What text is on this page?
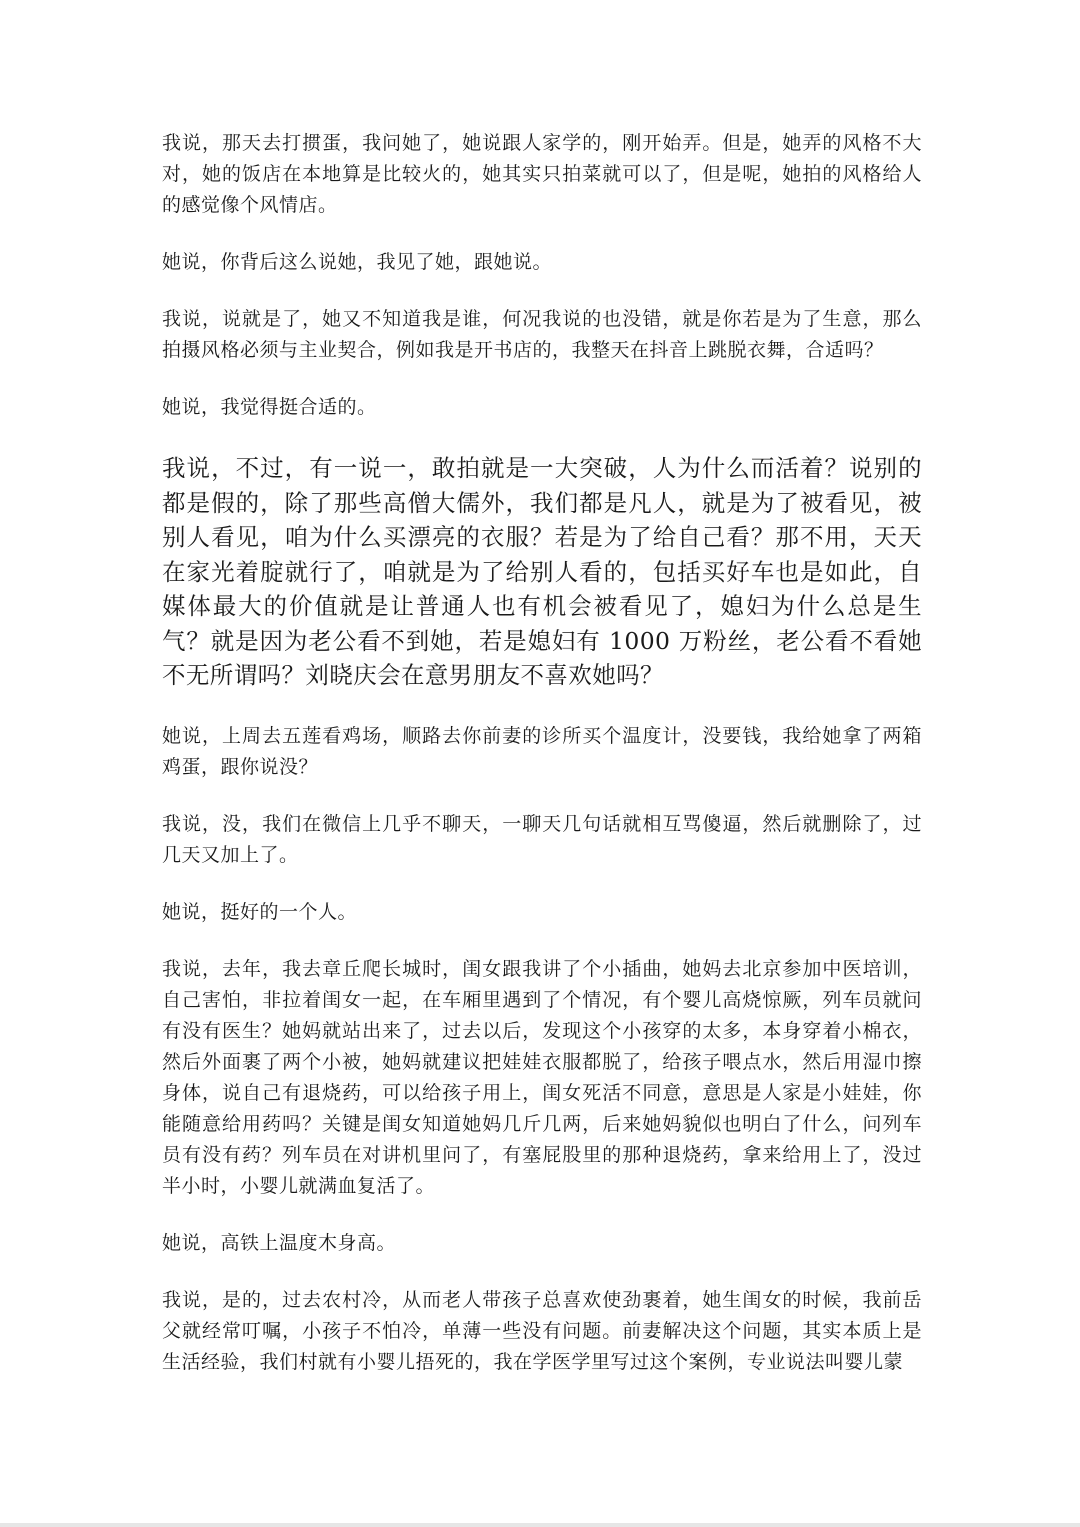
我说，那天去打掼蛋，我问她了，她说跟人家学的，刚开始弄。但是，她弄的风格不大对，她的饭店在本地算是比较火的，她其实只拍菜就可以了，但是呢，她拍的风格给人的感觉像个风情店。

她说，你背后这么说她，我见了她，跟她说。

我说，说就是了，她又不知道我是谁，何况我说的也没错，就是你若是为了生意，那么拍摄风格必须与主业契合，例如我是开书店的，我整天在抖音上跳脱衣舞，合适吗？

她说，我觉得挺合适的。

我说，不过，有一说一，敢拍就是一大突破，人为什么而活着？说别的都是假的，除了那些高僧大儒外，我们都是凡人，就是为了被看见，被别人看见，咱为什么买漂亮的衣服？若是为了给自己看？那不用，天天在家光着腚就行了，咱就是为了给别人看的，包括买好车也是如此，自媒体最大的价值就是让普通人也有机会被看见了，媳妇为什么总是生气？就是因为老公看不到她，若是媳妇有 1000 万粉丝，老公看不看她不无所谓吗？刘晓庆会在意男朋友不喜欢她吗？

她说，上周去五莲看鸡场，顺路去你前妻的诊所买个温度计，没要钱，我给她拿了两箱鸡蛋，跟你说没？

我说，没，我们在微信上几乎不聊天，一聊天几句话就相互骂傻逼，然后就删除了，过几天又加上了。

她说，挺好的一个人。

我说，去年，我去章丘爬长城时，闺女跟我讲了个小插曲，她妈去北京参加中医培训，自己害怕，非拉着闺女一起，在车厢里遇到了个情况，有个婴儿高烧惊厥，列车员就问有没有医生？她妈就站出来了，过去以后，发现这个小孩穿的太多，本身穿着小棉衣，然后外面裹了两个小被，她妈就建议把娃娃衣服都脱了，给孩子喂点水，然后用湿巾擦身体，说自己有退烧药，可以给孩子用上，闺女死活不同意，意思是人家是小娃娃，你能随意给用药吗？关键是闺女知道她妈几斤几两，后来她妈貌似也明白了什么，问列车员有没有药？列车员在对讲机里问了，有塞屁股里的那种退烧药，拿来给用上了，没过半小时，小婴儿就满血复活了。

她说，高铁上温度木身高。

我说，是的，过去农村冷，从而老人带孩子总喜欢使劲裹着，她生闺女的时候，我前岳父就经常叮嘱，小孩子不怕冷，单薄一些没有问题。前妻解决这个问题，其实本质上是生活经验，我们村就有小婴儿捂死的，我在学医学里写过这个案例，专业说法叫婴儿蒙
